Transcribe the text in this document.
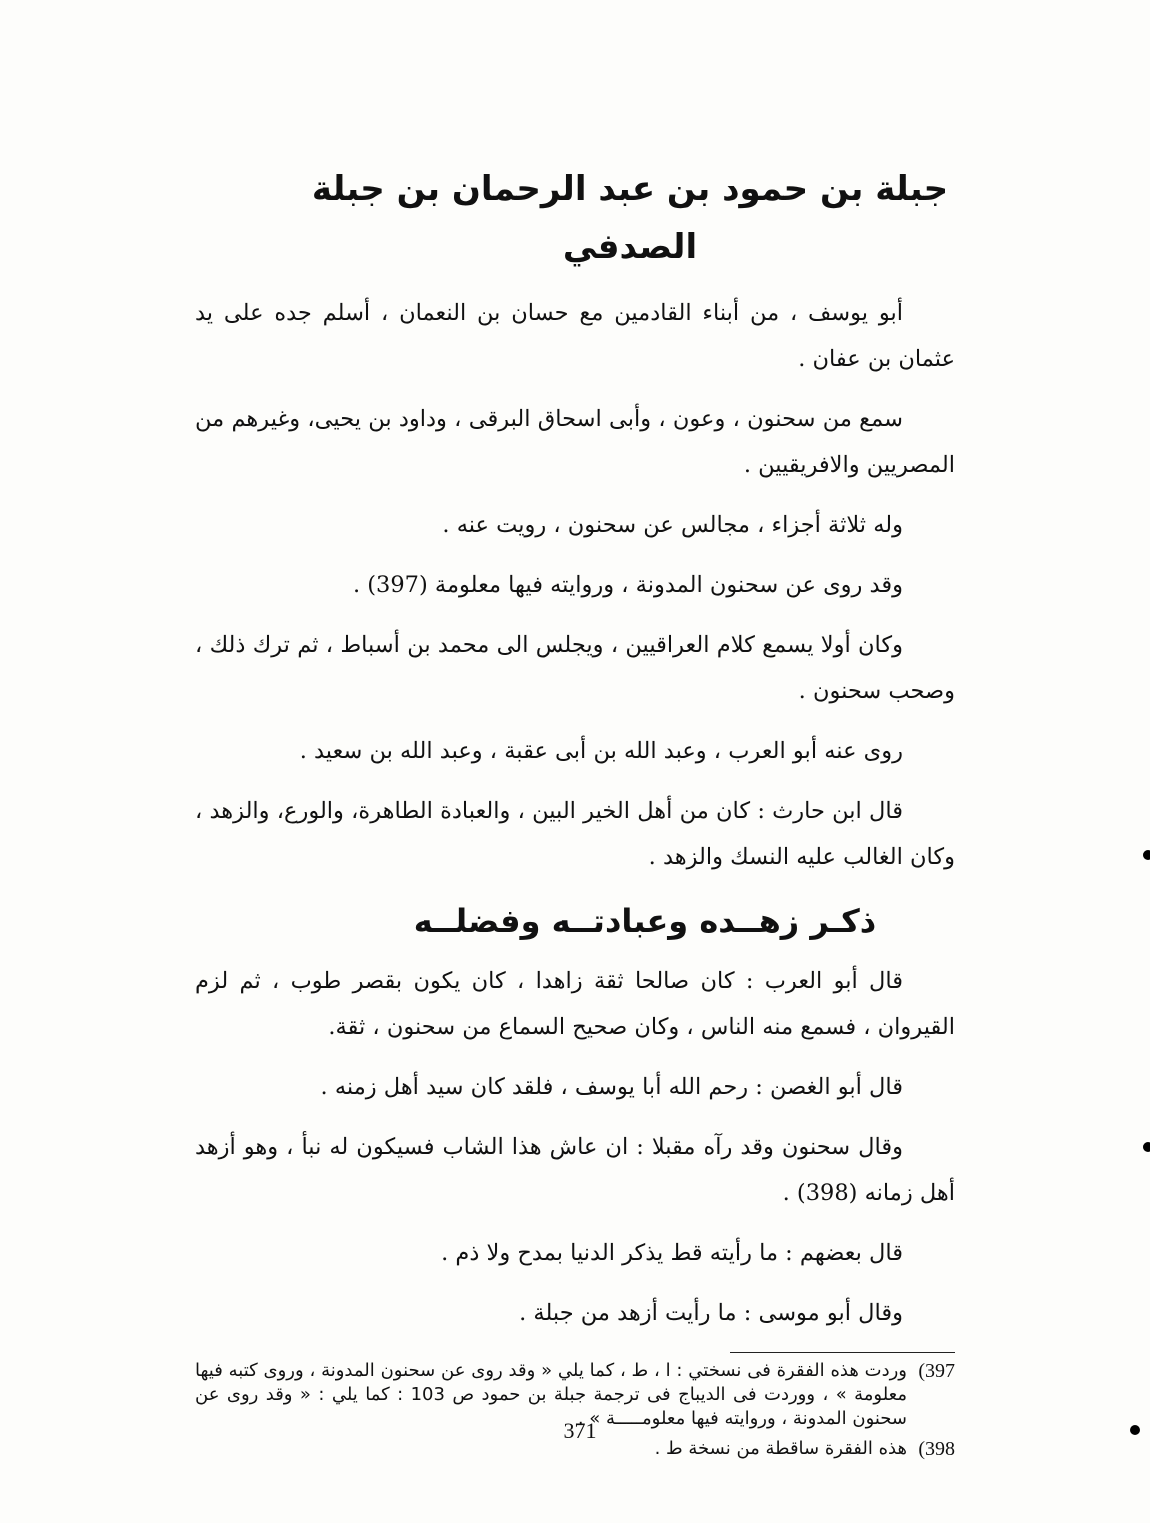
جبلة بن حمود بن عبد الرحمان بن جبلة الصدفي

أبو يوسف ، من أبناء القادمين مع حسان بن النعمان ، أسلم جده على يد عثمان بن عفان .

سمع من سحنون ، وعون ، وأبى اسحاق البرقى ، وداود بن يحيى، وغيرهم من المصريين والافريقيين .

وله ثلاثة أجزاء ، مجالس عن سحنون ، رويت عنه .

وقد روى عن سحنون المدونة ، وروايته فيها معلومة (397) .

وكان أولا يسمع كلام العراقيين ، ويجلس الى محمد بن أسباط ، ثم ترك ذلك ، وصحب سحنون .

روى عنه أبو العرب ، وعبد الله بن أبى عقبة ، وعبد الله بن سعيد .

قال ابن حارث : كان من أهل الخير البين ، والعبادة الطاهرة، والورع، والزهد ، وكان الغالب عليه النسك والزهد .

ذكـر زهــده وعبادتــه وفضلــه

قال أبو العرب : كان صالحا ثقة زاهدا ، كان يكون بقصر طوب ، ثم لزم القيروان ، فسمع منه الناس ، وكان صحيح السماع من سحنون ، ثقة.

قال أبو الغصن : رحم الله أبا يوسف ، فلقد كان سيد أهل زمنه .

وقال سحنون وقد رآه مقبلا : ان عاش هذا الشاب فسيكون له نبأ ، وهو أزهد أهل زمانه (398) .

قال بعضهم : ما رأيته قط يذكر الدنيا بمدح ولا ذم .

وقال أبو موسى : ما رأيت أزهد من جبلة .

397)
وردت هذه الفقرة فى نسختي : ا ، ط ، كما يلي « وقد روى عن سحنون المدونة ، وروى كتبه فيها معلومة » ، ووردت فى الديباج فى ترجمة جبلة بن حمود ص 103 : كما يلي : « وقد روى عن سحنون المدونة ، وروايته فيها معلومـــــة » .
398)
هذه الفقرة ساقطة من نسخة ط .
371
